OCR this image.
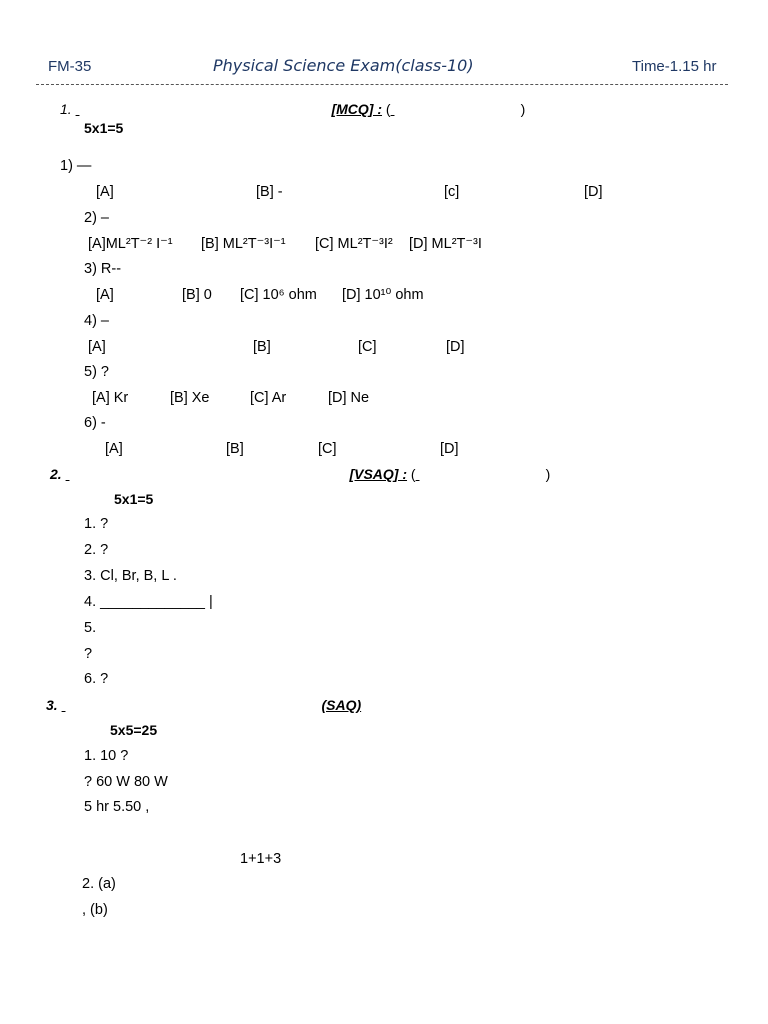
FM-35	Physical Science Exam(class-10)	Time-1.15 hr
1.	[MCQ] : (	)
5x1=5
1) —
[A]	[B] -	[c]	[D]
2) –
[A]ML²T⁻² I⁻¹ [B] ML²T⁻³I⁻¹ [C] ML²T⁻³I² [D] ML²T⁻³I
3) R--
[A]	[B] 0 [C] 10⁶ ohm [D] 10¹⁰ ohm
4) –
[A]	[B]	[C]	[D]
5) ?
[A] Kr	[B] Xe	[C] Ar	[D] Ne
6) -
[A]	[B]	[C]	[D]
2.	[VSAQ] : (	)
5x1=5
1. ?
2. ?
3. Cl, Br, B, L .
4. _____________ |
5.
?
6. ?
3.	(SAQ)
5x5=25
1. 10 ?
? 60 W 80 W
5 hr 5.50 ,
1+1+3
2. (a)
, (b)
